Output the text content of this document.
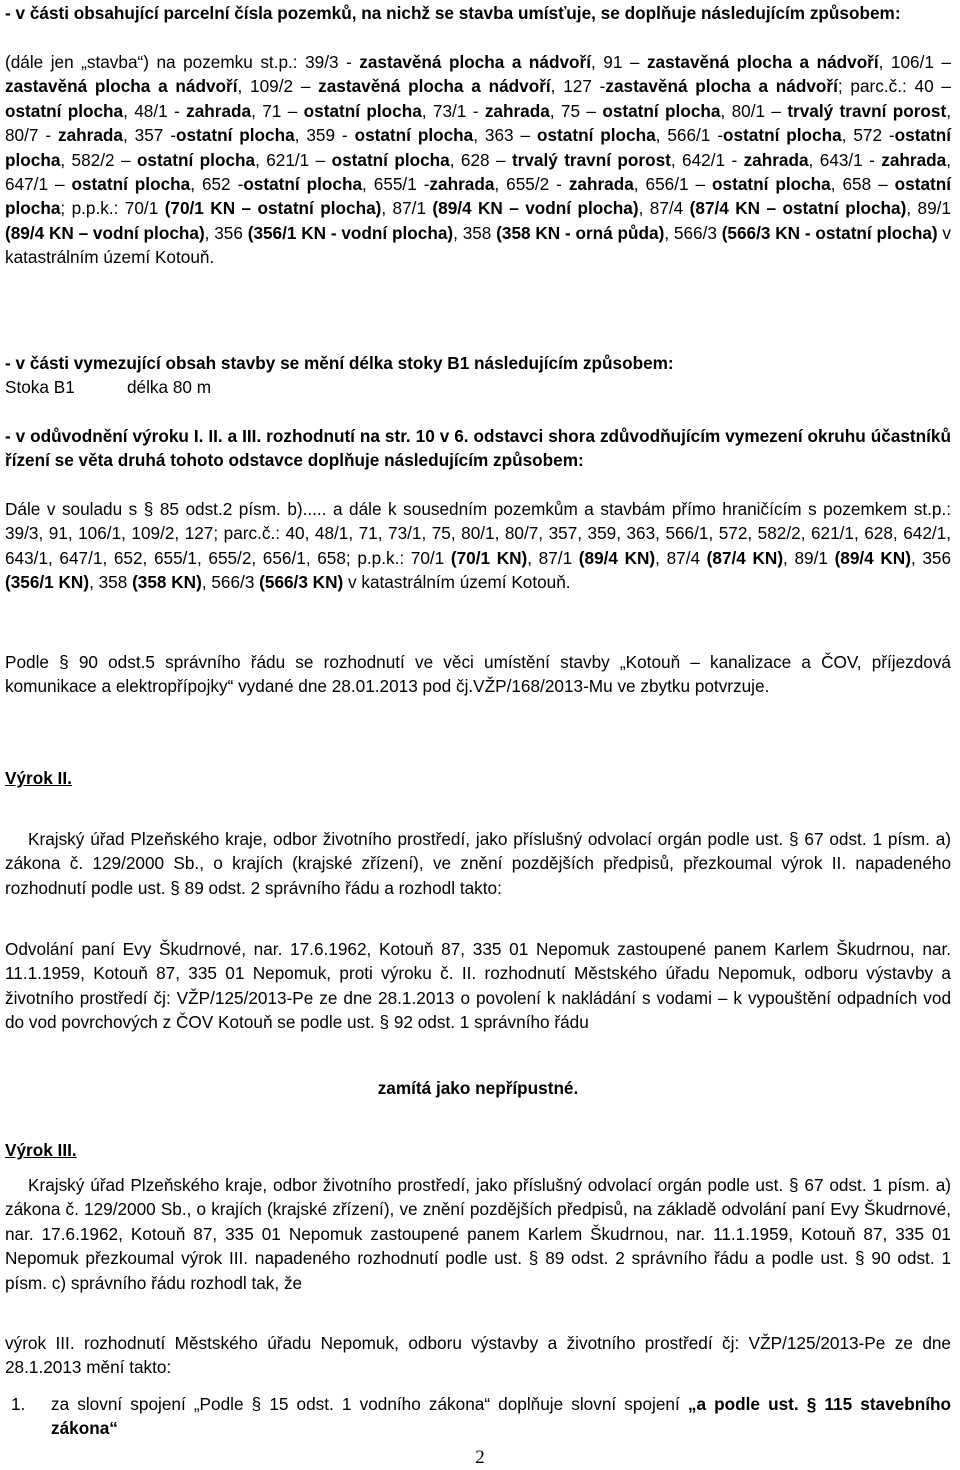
- v části obsahující parcelní čísla pozemků, na nichž se stavba umísťuje, se doplňuje následujícím způsobem:

(dále jen „stavba“) na pozemku st.p.: 39/3 - zastavěná plocha a nádvoří, 91 – zastavěná plocha a nádvoří, 106/1 – zastavěná plocha a nádvoří, 109/2 – zastavěná plocha a nádvoří, 127 -zastavěná plocha a nádvoří; parc.č.: 40 – ostatní plocha, 48/1 - zahrada, 71 – ostatní plocha, 73/1 - zahrada, 75 – ostatní plocha, 80/1 – trvalý travní porost, 80/7 - zahrada, 357 -ostatní plocha, 359 - ostatní plocha, 363 – ostatní plocha, 566/1 -ostatní plocha, 572 -ostatní plocha, 582/2 – ostatní plocha, 621/1 – ostatní plocha, 628 – trvalý travní porost, 642/1 - zahrada, 643/1 - zahrada, 647/1 – ostatní plocha, 652 -ostatní plocha, 655/1 -zahrada, 655/2 - zahrada, 656/1 – ostatní plocha, 658 – ostatní plocha; p.p.k.: 70/1 (70/1 KN – ostatní plocha), 87/1 (89/4 KN – vodní plocha), 87/4 (87/4 KN – ostatní plocha), 89/1 (89/4 KN – vodní plocha), 356 (356/1 KN - vodní plocha), 358 (358 KN - orná půda), 566/3 (566/3 KN - ostatní plocha) v katastrálním území Kotouň.

- v části vymezující obsah stavby se mění délka stoky B1 následujícím způsobem:

Stoka B1	délka 80 m

- v odůvodnění výroku I. II. a III. rozhodnutí na str. 10 v 6. odstavci shora zdůvodňujícím vymezení okruhu účastníků řízení se věta druhá tohoto odstavce doplňuje následujícím způsobem:

Dále v souladu s § 85 odst.2 písm. b)..... a dále k sousedním pozemkům a stavbám přímo hraničícím s pozemkem st.p.: 39/3, 91, 106/1, 109/2, 127; parc.č.: 40, 48/1, 71, 73/1, 75, 80/1, 80/7, 357, 359, 363, 566/1, 572, 582/2, 621/1, 628, 642/1, 643/1, 647/1, 652, 655/1, 655/2, 656/1, 658; p.p.k.: 70/1 (70/1 KN), 87/1 (89/4 KN), 87/4 (87/4 KN), 89/1 (89/4 KN), 356 (356/1 KN), 358 (358 KN), 566/3 (566/3 KN) v katastrálním území Kotouň.

Podle § 90 odst.5 správního řádu se rozhodnutí ve věci umístění stavby „Kotouň – kanalizace a ČOV, příjezdová komunikace a elektropřípojky“ vydané dne 28.01.2013 pod čj.VŽP/168/2013-Mu ve zbytku potvrzuje.

Výrok II.

Krajský úřad Plzeňského kraje, odbor životního prostředí, jako příslušný odvolací orgán podle ust. § 67 odst. 1 písm. a) zákona č. 129/2000 Sb., o krajích (krajské zřízení), ve znění pozdějších předpisů, přezkoumal výrok II. napadeného rozhodnutí podle ust. § 89 odst. 2 správního řádu a rozhodl takto:

Odvolání paní Evy Škudrnové, nar. 17.6.1962, Kotouň 87, 335 01 Nepomuk zastoupené panem Karlem Škudrnou, nar. 11.1.1959, Kotouň 87, 335 01 Nepomuk, proti výroku č. II. rozhodnutí Městského úřadu Nepomuk, odboru výstavby a životního prostředí čj: VŽP/125/2013-Pe ze dne 28.1.2013 o povolení k nakládání s vodami – k vypouštění odpadních vod do vod povrchových z ČOV Kotouň se podle ust. § 92 odst. 1 správního řádu

zamítá jako nepřípustné.

Výrok III.

Krajský úřad Plzeňského kraje, odbor životního prostředí, jako příslušný odvolací orgán podle ust. § 67 odst. 1 písm. a) zákona č. 129/2000 Sb., o krajích (krajské zřízení), ve znění pozdějších předpisů, na základě odvolání paní Evy Škudrnové, nar. 17.6.1962, Kotouň 87, 335 01 Nepomuk zastoupené panem Karlem Škudrnou, nar. 11.1.1959, Kotouň 87, 335 01 Nepomuk přezkoumal výrok III. napadeného rozhodnutí podle ust. § 89 odst. 2 správního řádu a podle ust. § 90 odst. 1 písm. c) správního řádu rozhodl tak, že

výrok III. rozhodnutí Městského úřadu Nepomuk, odboru výstavby a životního prostředí čj: VŽP/125/2013-Pe ze dne 28.1.2013 mění takto:

1. za slovní spojení „Podle § 15 odst. 1 vodního zákona“ doplňuje slovní spojení „a podle ust. § 115 stavebního zákona“
2
